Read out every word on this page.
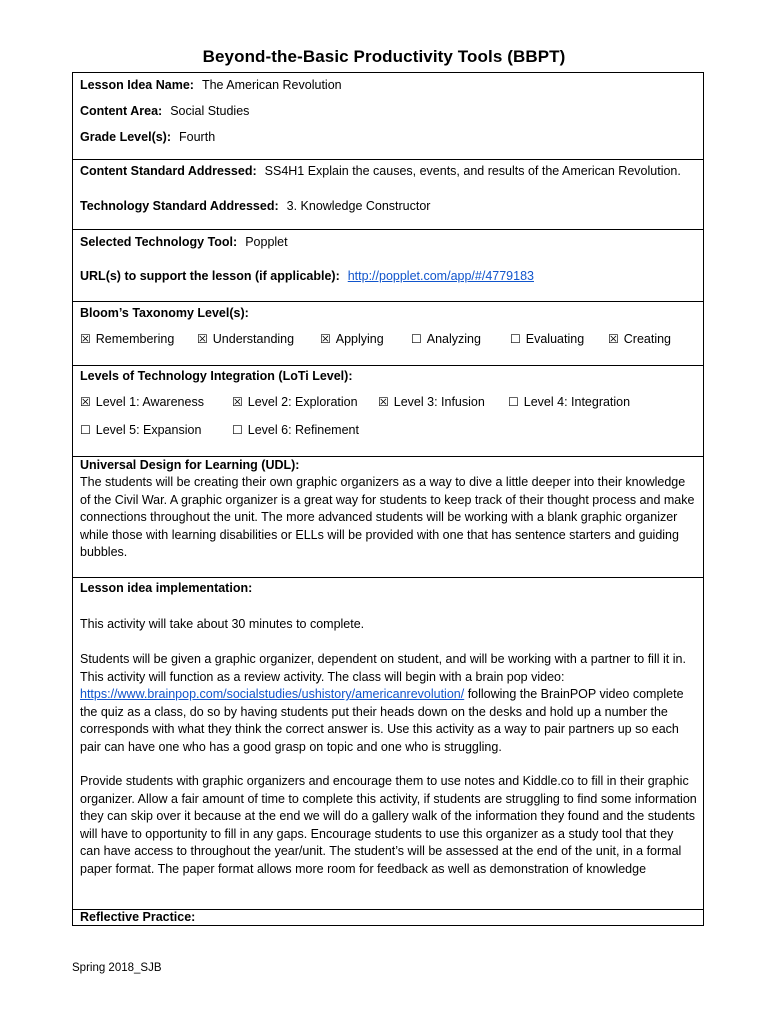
Beyond-the-Basic Productivity Tools (BBPT)
Lesson Idea Name: The American Revolution
Content Area: Social Studies
Grade Level(s): Fourth
Content Standard Addressed: SS4H1 Explain the causes, events, and results of the American Revolution.
Technology Standard Addressed: 3. Knowledge Constructor
Selected Technology Tool: Popplet
URL(s) to support the lesson (if applicable): http://popplet.com/app/#/4779183
Bloom’s Taxonomy Level(s):
☒ Remembering ☒ Understanding ☒ Applying ☐ Analyzing ☐ Evaluating ☒ Creating
Levels of Technology Integration (LoTi Level):
☒ Level 1: Awareness ☒ Level 2: Exploration ☒ Level 3: Infusion ☐ Level 4: Integration
☐ Level 5: Expansion	☐ Level 6: Refinement
Universal Design for Learning (UDL):
The students will be creating their own graphic organizers as a way to dive a little deeper into their knowledge of the Civil War. A graphic organizer is a great way for students to keep track of their thought process and make connections throughout the unit. The more advanced students will be working with a blank graphic organizer while those with learning disabilities or ELLs will be provided with one that has sentence starters and guiding bubbles.
Lesson idea implementation:
This activity will take about 30 minutes to complete.
Students will be given a graphic organizer, dependent on student, and will be working with a partner to fill it in. This activity will function as a review activity. The class will begin with a brain pop video: https://www.brainpop.com/socialstudies/ushistory/americanrevolution/ following the BrainPOP video complete the quiz as a class, do so by having students put their heads down on the desks and hold up a number the corresponds with what they think the correct answer is. Use this activity as a way to pair partners up so each pair can have one who has a good grasp on topic and one who is struggling.
Provide students with graphic organizers and encourage them to use notes and Kiddle.co to fill in their graphic organizer. Allow a fair amount of time to complete this activity, if students are struggling to find some information they can skip over it because at the end we will do a gallery walk of the information they found and the students will have to opportunity to fill in any gaps. Encourage students to use this organizer as a study tool that they can have access to throughout the year/unit. The student’s will be assessed at the end of the unit, in a formal paper format. The paper format allows more room for feedback as well as demonstration of knowledge
Reflective Practice:
Spring 2018_SJB
